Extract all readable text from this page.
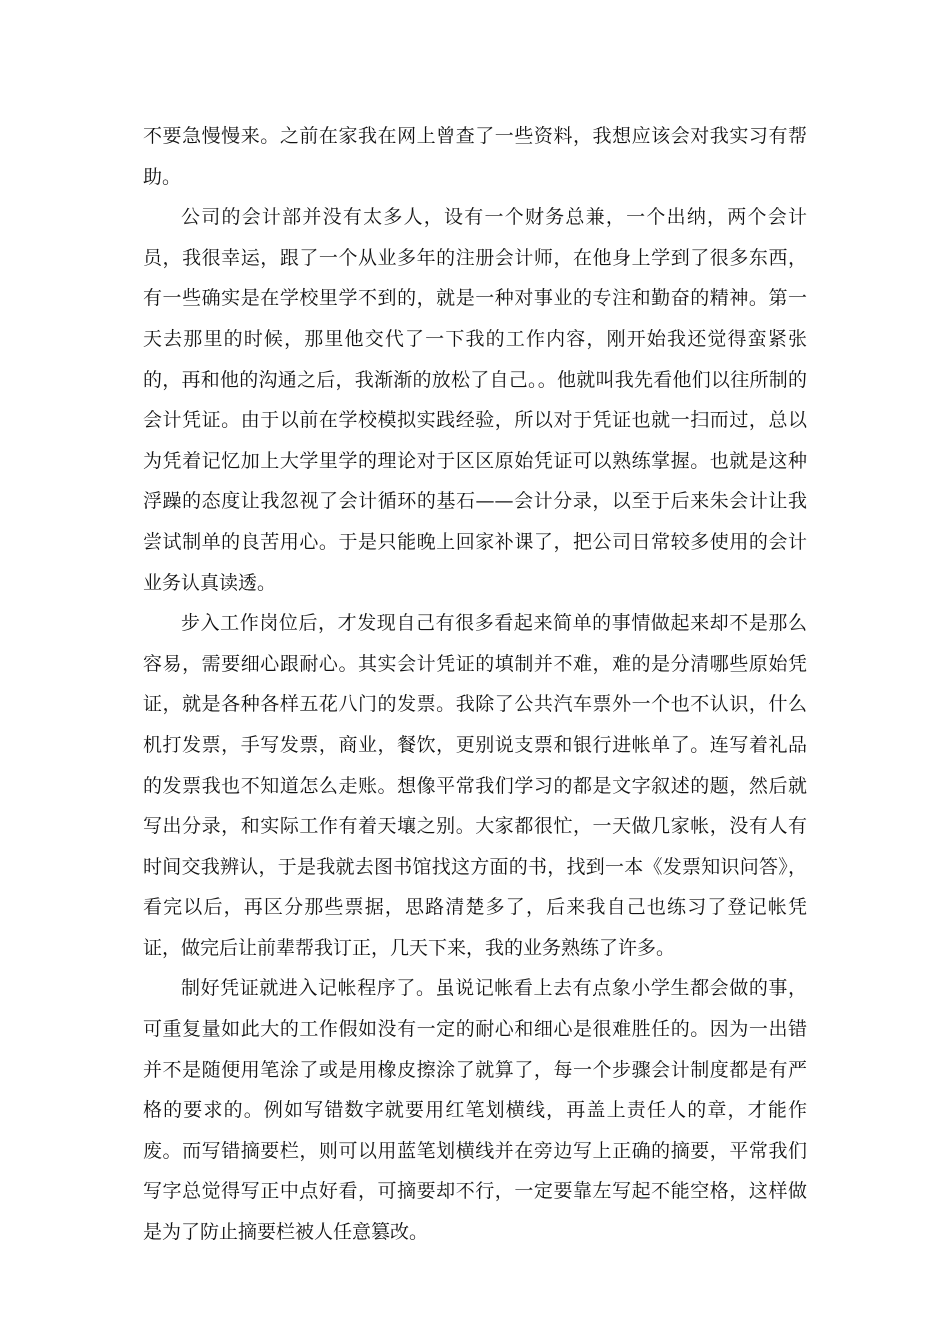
不要急慢慢来。之前在家我在网上曾查了一些资料，我想应该会对我实习有帮助。

公司的会计部并没有太多人，设有一个财务总兼，一个出纳，两个会计员，我很幸运，跟了一个从业多年的注册会计师，在他身上学到了很多东西，有一些确实是在学校里学不到的，就是一种对事业的专注和勤奋的精神。第一天去那里的时候，那里他交代了一下我的工作内容，刚开始我还觉得蛮紧张的，再和他的沟通之后，我渐渐的放松了自己。。他就叫我先看他们以往所制的会计凭证。由于以前在学校模拟实践经验，所以对于凭证也就一扫而过，总以为凭着记忆加上大学里学的理论对于区区原始凭证可以熟练掌握。也就是这种浮躁的态度让我忽视了会计循环的基石——会计分录，以至于后来朱会计让我尝试制单的良苦用心。于是只能晚上回家补课了，把公司日常较多使用的会计业务认真读透。

步入工作岗位后，才发现自己有很多看起来简单的事情做起来却不是那么容易，需要细心跟耐心。其实会计凭证的填制并不难，难的是分清哪些原始凭证，就是各种各样五花八门的发票。我除了公共汽车票外一个也不认识，什么机打发票，手写发票，商业，餐饮，更别说支票和银行进帐单了。连写着礼品的发票我也不知道怎么走账。想像平常我们学习的都是文字叙述的题，然后就写出分录，和实际工作有着天壤之别。大家都很忙，一天做几家帐，没有人有时间交我辨认，于是我就去图书馆找这方面的书，找到一本《发票知识问答》，看完以后，再区分那些票据，思路清楚多了，后来我自己也练习了登记帐凭证，做完后让前辈帮我订正，几天下来，我的业务熟练了许多。

制好凭证就进入记帐程序了。虽说记帐看上去有点象小学生都会做的事，可重复量如此大的工作假如没有一定的耐心和细心是很难胜任的。因为一出错并不是随便用笔涂了或是用橡皮擦涂了就算了，每一个步骤会计制度都是有严格的要求的。例如写错数字就要用红笔划横线，再盖上责任人的章，才能作废。而写错摘要栏，则可以用蓝笔划横线并在旁边写上正确的摘要，平常我们写字总觉得写正中点好看，可摘要却不行，一定要靠左写起不能空格，这样做是为了防止摘要栏被人任意篡改。
